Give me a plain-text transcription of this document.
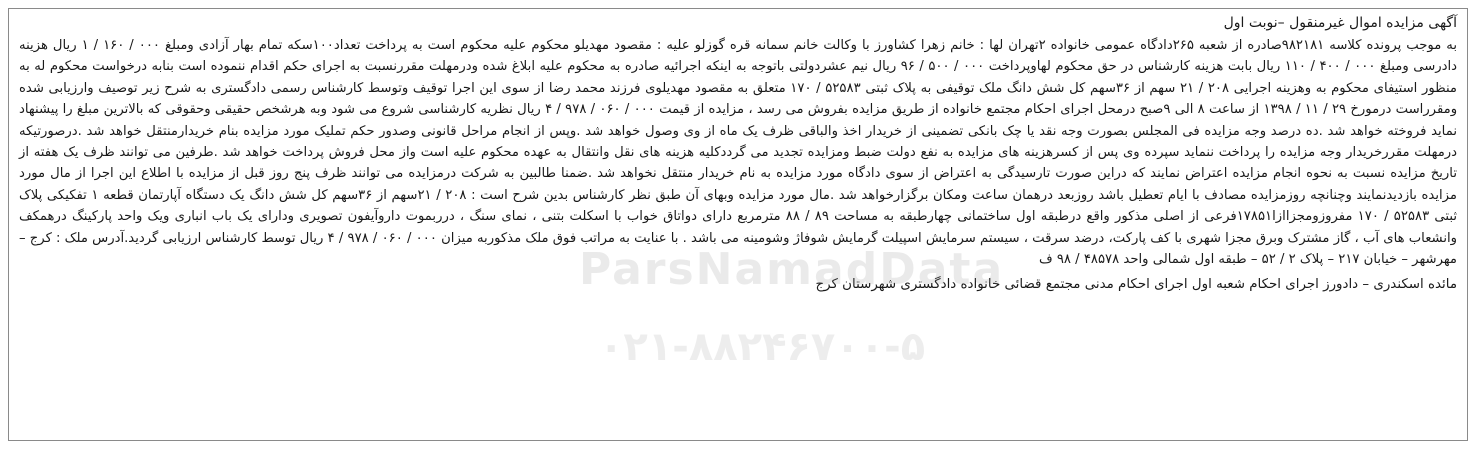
آگهی مزایده اموال غیرمنقول –نوبت اول

به موجب پرونده کلاسه ۹۸۲۱۸۱صادره از شعبه ۲۶۵دادگاه عمومی خانواده ۲تهران لها : خانم زهرا کشاورز با وکالت خانم سمانه قره گوزلو علیه : مقصود مهدیلو محکوم علیه محکوم است به پرداخت تعداد۱۰۰سکه تمام بهار آزادی ومبلغ ۰۰۰ / ۱۶۰ / ۱ ریال هزینه دادرسی ومبلغ ۰۰۰ / ۴۰۰ / ۱۱۰ ریال بابت هزینه کارشناس در حق محکوم لهاوپرداخت ۰۰۰ / ۵۰۰ / ۹۶ ریال نیم عشردولتی باتوجه به اینکه اجرائیه صادره به محکوم علیه ابلاغ شده ودرمهلت مقررنسبت به اجرای حکم اقدام ننموده است بنابه درخواست محکوم له به منظور استیفای محکوم به وهزینه اجرایی ۲۰۸ / ۲۱ سهم از ۳۶سهم کل شش دانگ ملک توقیفی به پلاک ثبتی ۵۲۵۸۳ / ۱۷۰ متعلق به مقصود مهدیلوی فرزند محمد رضا از سوی این اجرا توقیف وتوسط کارشناس رسمی دادگستری به شرح زیر توصیف وارزیابی شده ومقرراست درمورخ ۲۹ / ۱۱ / ۱۳۹۸ از ساعت ۸ الی ۹صبح درمحل اجرای احکام مجتمع خانواده از طریق مزایده بفروش می رسد ، مزایده از قیمت ۰۰۰ / ۰۶۰ / ۹۷۸ / ۴ ریال نظریه کارشناسی شروع می شود وبه هرشخص حقیقی وحقوقی که بالاترین مبلغ را پیشنهاد نماید فروخته خواهد شد .ده درصد وجه مزایده فی المجلس بصورت وجه نقد یا چک بانکی تضمینی از خریدار اخذ والباقی ظرف یک ماه از وی وصول خواهد شد .وپس از انجام مراحل قانونی وصدور حکم تملیک مورد مزایده بنام خریدارمنتقل خواهد شد .درصورتیکه درمهلت مقررخریدار وجه مزایده را پرداخت ننماید سپرده وی پس از کسرهزینه های مزایده به نفع دولت ضبط ومزایده تجدید می گرددکلیه هزینه های نقل وانتقال به عهده محکوم علیه است واز محل فروش پرداخت خواهد شد .طرفین می توانند ظرف یک هفته از تاریخ مزایده نسبت به نحوه انجام مزایده اعتراض نمایند که دراین صورت تارسیدگی به اعتراض از سوی دادگاه مورد مزایده به نام خریدار منتقل نخواهد شد .ضمنا طالبین به شرکت درمزایده می توانند ظرف پنج روز قبل از مزایده با اطلاع این اجرا از مال مورد مزایده بازدیدنمایند وچنانچه روزمزایده مصادف با ایام تعطیل باشد روزبعد درهمان ساعت ومکان برگزارخواهد شد .مال مورد مزایده وبهای آن طبق نظر کارشناس بدین شرح است : ۲۰۸ / ۲۱سهم از ۳۶سهم کل شش دانگ یک دستگاه آپارتمان قطعه ۱ تفکیکی پلاک ثبتی ۵۲۵۸۳ / ۱۷۰ مفروزومجزاازا۱۷۸۵۱فرعی از اصلی مذکور واقع درطبقه اول ساختمانی چهارطبقه به مساحت ۸۹ / ۸۸ مترمربع دارای دواتاق خواب با اسکلت بتنی ، نمای سنگ ، درربموت داروآیفون تصویری ودارای یک باب انباری ویک واحد پارکینگ درهمکف وانشعاب های آب ، گاز مشترک وبرق مجزا شهری با کف پارکت، درضد سرقت ، سیستم سرمایش اسپیلت گرمایش شوفاژ وشومینه می باشد . با عنایت به مراتب فوق ملک مذکوربه میزان ۰۰۰ / ۰۶۰ / ۹۷۸ / ۴ ریال توسط کارشناس ارزیابی گردید.آدرس ملک : کرج – مهرشهر – خیابان ۲۱۷ – پلاک ۲ / ۵۲ – طبقه اول شمالی واحد ۴۸۵۷۸ / ۹۸ ف

مائده اسکندری – دادورز اجرای احکام شعبه اول اجرای احکام مدنی مجتمع قضائی خانواده دادگستری شهرستان کرج

ParsNamadData
۰۲۱-۸۸۲۴۶۷۰۰-۵
